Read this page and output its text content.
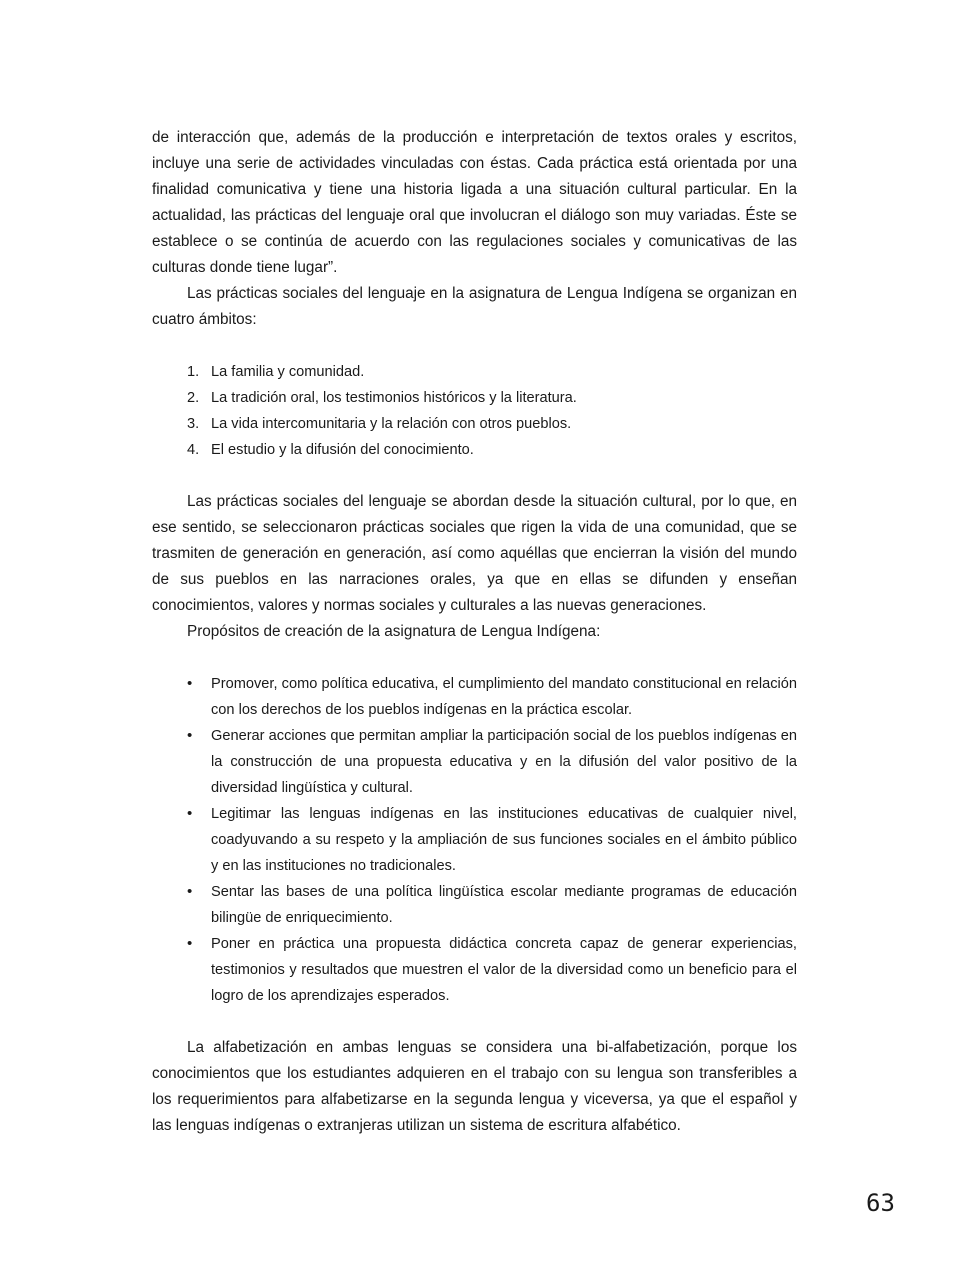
de interacción que, además de la producción e interpretación de textos orales y escritos, incluye una serie de actividades vinculadas con éstas. Cada práctica está orientada por una finalidad comunicativa y tiene una historia ligada a una situación cultural particular. En la actualidad, las prácticas del lenguaje oral que involucran el diálogo son muy variadas. Éste se establece o se continúa de acuerdo con las regulaciones sociales y comunicativas de las culturas donde tiene lugar”.

Las prácticas sociales del lenguaje en la asignatura de Lengua Indígena se organizan en cuatro ámbitos:

1. La familia y comunidad.
2. La tradición oral, los testimonios históricos y la literatura.
3. La vida intercomunitaria y la relación con otros pueblos.
4. El estudio y la difusión del conocimiento.

Las prácticas sociales del lenguaje se abordan desde la situación cultural, por lo que, en ese sentido, se seleccionaron prácticas sociales que rigen la vida de una comunidad, que se trasmiten de generación en generación, así como aquéllas que encierran la visión del mundo de sus pueblos en las narraciones orales, ya que en ellas se difunden y enseñan conocimientos, valores y normas sociales y culturales a las nuevas generaciones.

Propósitos de creación de la asignatura de Lengua Indígena:

• Promover, como política educativa, el cumplimiento del mandato constitucional en relación con los derechos de los pueblos indígenas en la práctica escolar.
• Generar acciones que permitan ampliar la participación social de los pueblos indígenas en la construcción de una propuesta educativa y en la difusión del valor positivo de la diversidad lingüística y cultural.
• Legitimar las lenguas indígenas en las instituciones educativas de cualquier nivel, coadyuvando a su respeto y la ampliación de sus funciones sociales en el ámbito público y en las instituciones no tradicionales.
• Sentar las bases de una política lingüística escolar mediante programas de educación bilingüe de enriquecimiento.
• Poner en práctica una propuesta didáctica concreta capaz de generar experiencias, testimonios y resultados que muestren el valor de la diversidad como un beneficio para el logro de los aprendizajes esperados.

La alfabetización en ambas lenguas se considera una bi-alfabetización, porque los conocimientos que los estudiantes adquieren en el trabajo con su lengua son transferibles a los requerimientos para alfabetizarse en la segunda lengua y viceversa, ya que el español y las lenguas indígenas o extranjeras utilizan un sistema de escritura alfabético.

63
